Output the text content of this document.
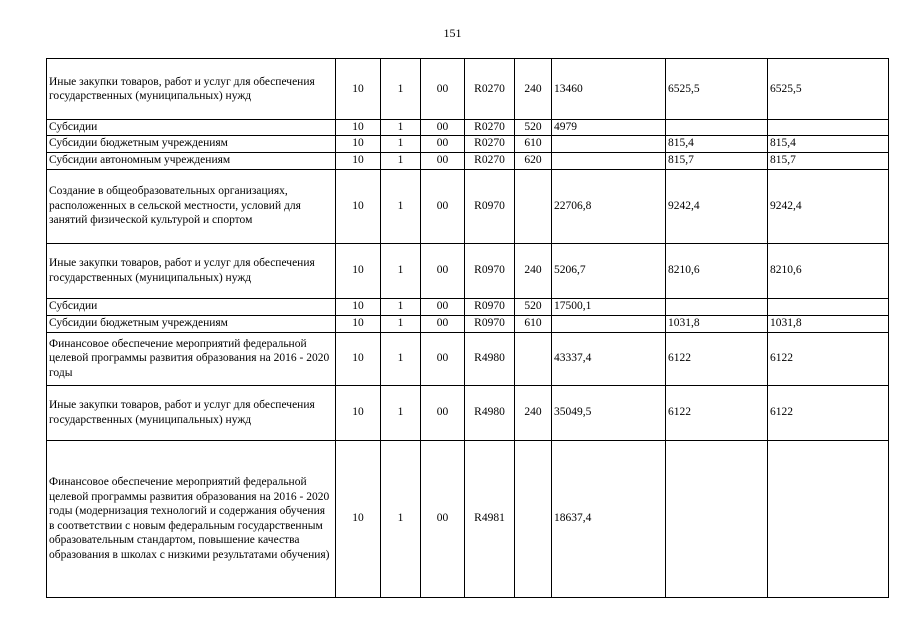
151
Иные закупки товаров, работ и услуг для обеспечения государственных (муниципальных) нужд	10	1	00	R0270	240	13460	6525,5	6525,5
Субсидии	10	1	00	R0270	520	4979		
Субсидии бюджетным учреждениям	10	1	00	R0270	610		815,4	815,4
Субсидии автономным учреждениям	10	1	00	R0270	620		815,7	815,7
Создание в общеобразовательных организациях, расположенных в сельской местности, условий для занятий физической культурой и спортом	10	1	00	R0970		22706,8	9242,4	9242,4
Иные закупки товаров, работ и услуг для обеспечения государственных (муниципальных) нужд	10	1	00	R0970	240	5206,7	8210,6	8210,6
Субсидии	10	1	00	R0970	520	17500,1		
Субсидии бюджетным учреждениям	10	1	00	R0970	610		1031,8	1031,8
Финансовое обеспечение мероприятий федеральной целевой программы развития образования на 2016 - 2020 годы	10	1	00	R4980		43337,4	6122	6122
Иные закупки товаров, работ и услуг для обеспечения государственных (муниципальных) нужд	10	1	00	R4980	240	35049,5	6122	6122
Финансовое обеспечение мероприятий федеральной целевой программы развития образования на 2016 - 2020 годы (модернизация технологий и содержания обучения в соответствии с новым федеральным государственным образовательным стандартом, повышение качества образования в школах с низкими результатами обучения)	10	1	00	R4981		18637,4		
